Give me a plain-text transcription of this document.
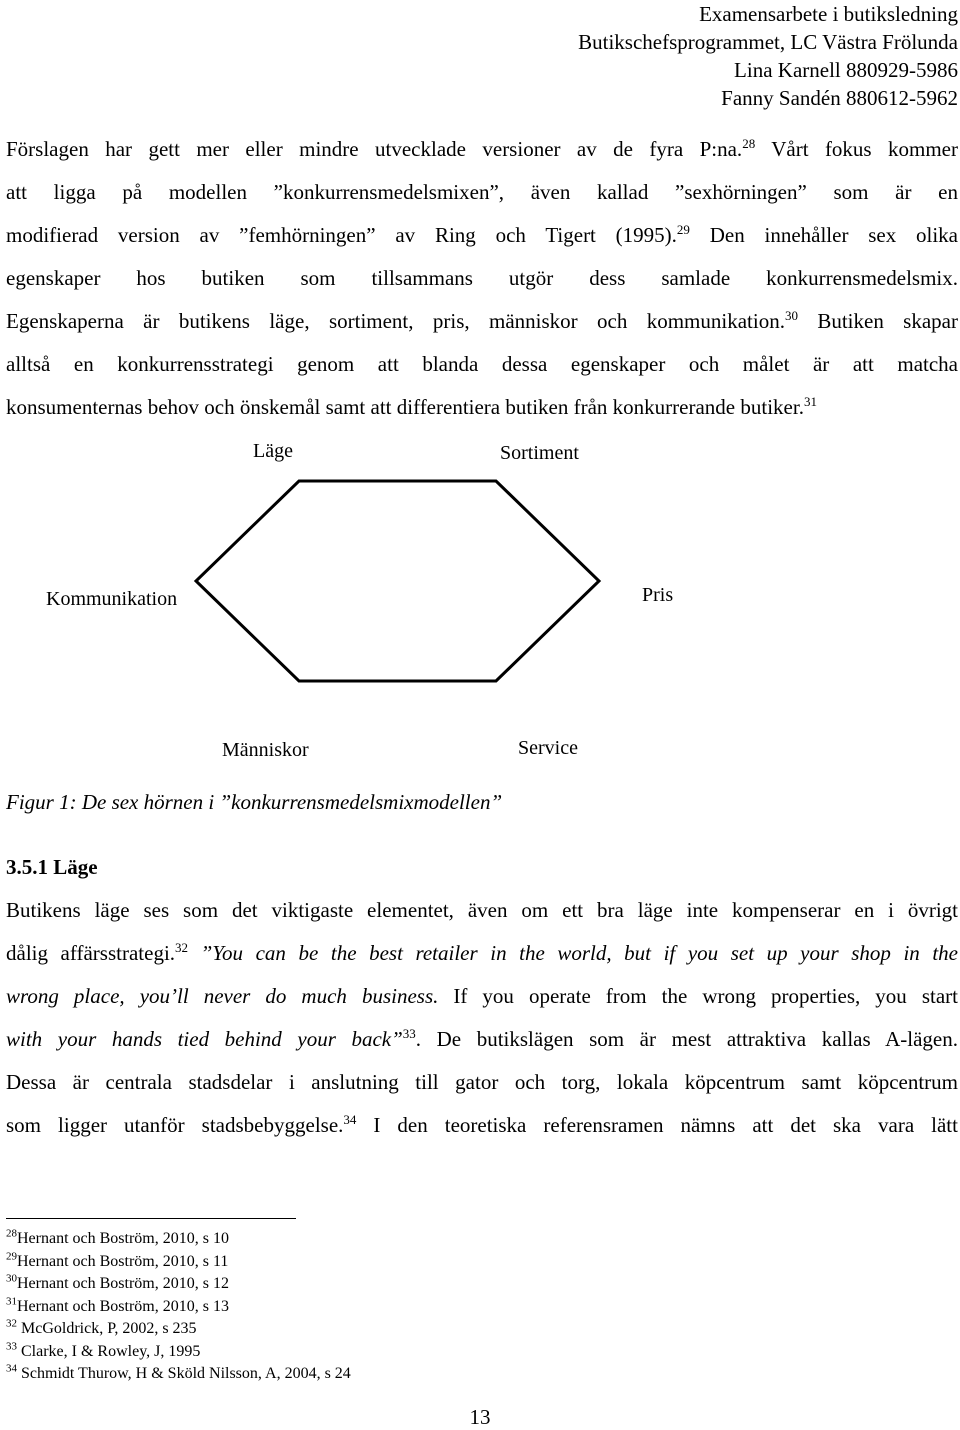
Examensarbete i butiksledning
Butikschefsprogrammet, LC Västra Frölunda
Lina Karnell 880929-5986
Fanny Sandén 880612-5962
Förslagen har gett mer eller mindre utvecklade versioner av de fyra P:na.$^{28}$ Vårt fokus kommer
att ligga på modellen ”konkurrensmedelsmixen”, även kallad ”sexhörningen” som är en
modifierad version av ”femhörningen” av Ring och Tigert (1995).$^{29}$ Den innehåller sex olika
egenskaper hos butiken som tillsammans utgör dess samlade konkurrensmedelsmix.
Egenskaperna är butikens läge, sortiment, pris, människor och kommunikation.$^{30}$ Butiken skapar
alltså en konkurrensstrategi genom att blanda dessa egenskaper och målet är att matcha
konsumenternas behov och önskemål samt att differentiera butiken från konkurrerande butiker.$^{31}$
Läge	Sortiment
Kommunikation	Pris
Människor	Service
Figur 1: De sex hörnen i ”konkurrensmedelsmixmodellen”
3.5.1 Läge
Butikens läge ses som det viktigaste elementet, även om ett bra läge inte kompenserar en i övrigt
dålig affärsstrategi.$^{32}$ ”You can be the best retailer in the world, but if you set up your shop in the
wrong place, you’ll never do much business. If you operate from the wrong properties, you start
with your hands tied behind your back”$^{33}$. De butikslägen som är mest attraktiva kallas A-lägen.
Dessa är centrala stadsdelar i anslutning till gator och torg, lokala köpcentrum samt köpcentrum
som ligger utanför stadsbebyggelse.$^{34}$ I den teoretiska referensramen nämns att det ska vara lätt
$^{28}$Hernant och Boström, 2010, s 10
$^{29}$Hernant och Boström, 2010, s 11
$^{30}$Hernant och Boström, 2010, s 12
$^{31}$Hernant och Boström, 2010, s 13
$^{32}$ McGoldrick, P, 2002, s 235
$^{33}$ Clarke, I & Rowley, J, 1995
$^{34}$ Schmidt Thurow, H & Sköld Nilsson, A, 2004, s 24
13
